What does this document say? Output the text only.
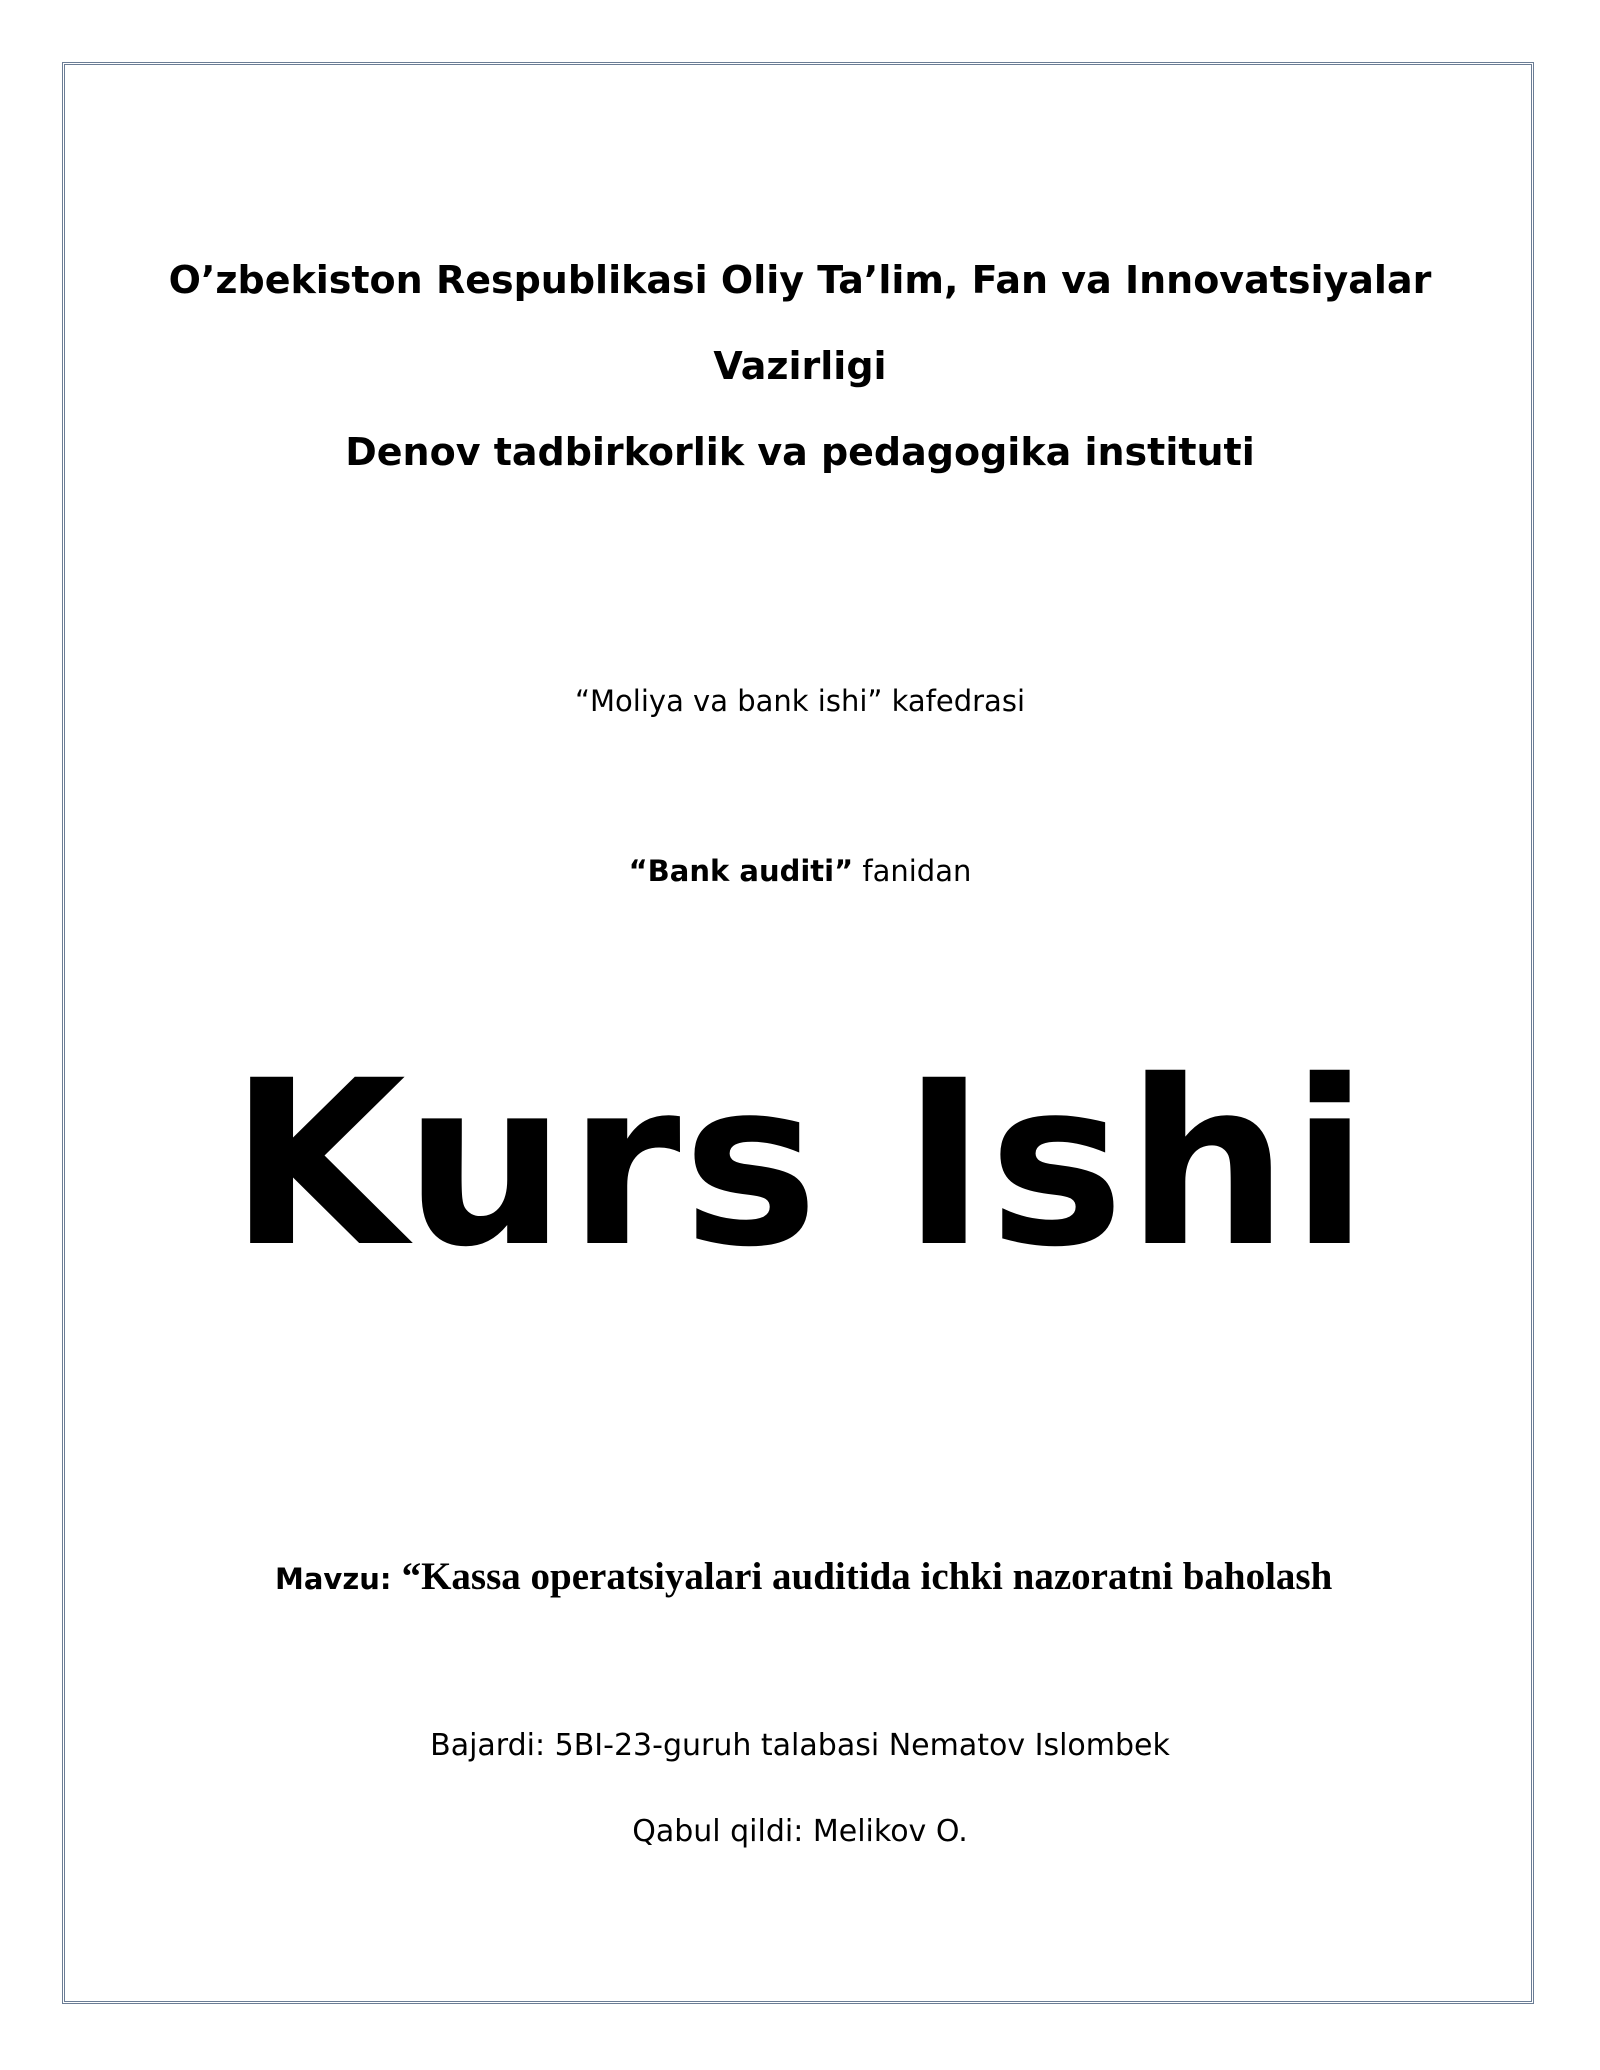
O’zbekiston Respublikasi Oliy Ta’lim, Fan va Innovatsiyalar
Vazirligi
Denov tadbirkorlik va pedagogika instituti
“Moliya va bank ishi” kafedrasi
“Bank auditi” fanidan
Kurs Ishi
Mavzu: “Kassa operatsiyalari auditida ichki nazoratni baholash
Bajardi: 5BI-23-guruh talabasi Nematov Islombek
Qabul qildi: Melikov O.
